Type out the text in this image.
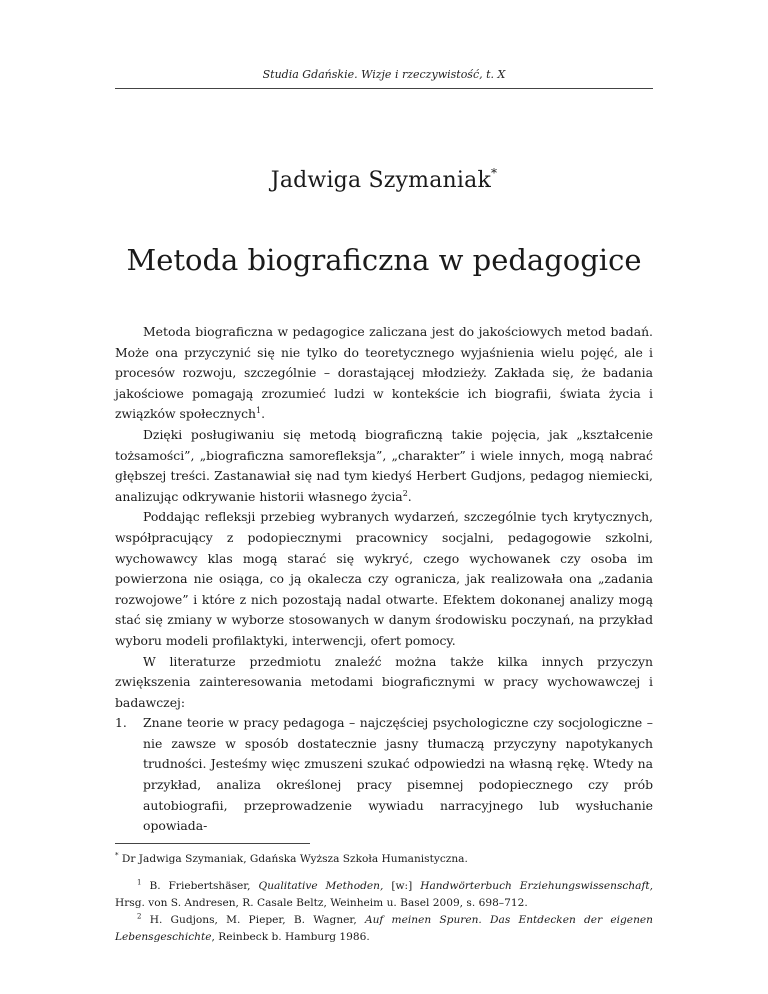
Studia Gdańskie. Wizje i rzeczywistość, t. X
Jadwiga Szymaniak*
Metoda biograficzna w pedagogice

Metoda biograficzna w pedagogice zaliczana jest do jakościowych metod badań. Może ona przyczynić się nie tylko do teoretycznego wyjaśnienia wielu pojęć, ale i procesów rozwoju, szczególnie – dorastającej młodzieży. Zakłada się, że badania jakościowe pomagają zrozumieć ludzi w kontekście ich biografii, świata życia i związków społecznych$^1$.

Dzięki posługiwaniu się metodą biograficzną takie pojęcia, jak „kształcenie tożsamości”, „biograficzna samorefleksja”, „charakter” i wiele innych, mogą nabrać głębszej treści. Zastanawiał się nad tym kiedyś Herbert Gudjons, pedagog niemiecki, analizując odkrywanie historii własnego życia$^2$.

Poddając refleksji przebieg wybranych wydarzeń, szczególnie tych krytycznych, współpracujący z podopiecznymi pracownicy socjalni, pedagogowie szkolni, wychowawcy klas mogą starać się wykryć, czego wychowanek czy osoba im powierzona nie osiąga, co ją okalecza czy ogranicza, jak realizowała ona „zadania rozwojowe” i które z nich pozostają nadal otwarte. Efektem dokonanej analizy mogą stać się zmiany w wyborze stosowanych w danym środowisku poczynań, na przykład wyboru modeli profilaktyki, interwencji, ofert pomocy.

W literaturze przedmiotu znaleźć można także kilka innych przyczyn zwiększenia zainteresowania metodami biograficznymi w pracy wychowawczej i badawczej:

1. Znane teorie w pracy pedagoga – najczęściej psychologiczne czy socjologiczne – nie zawsze w sposób dostatecznie jasny tłumaczą przyczyny napotykanych trudności. Jesteśmy więc zmuszeni szukać odpowiedzi na własną rękę. Wtedy na przykład, analiza określonej pracy pisemnej podopiecznego czy prób autobiografii, przeprowadzenie wywiadu narracyjnego lub wysłuchanie opowiada-

* Dr Jadwiga Szymaniak, Gdańska Wyższa Szkoła Humanistyczna.

$^1$ B. Friebertshäser, Qualitative Methoden, [w:] Handwörterbuch Erziehungswissenschaft, Hrsg. von S. Andresen, R. Casale Beltz, Weinheim u. Basel 2009, s. 698–712.

$^2$ H. Gudjons, M. Pieper, B. Wagner, Auf meinen Spuren. Das Entdecken der eigenen Lebensgeschichte, Reinbeck b. Hamburg 1986.
